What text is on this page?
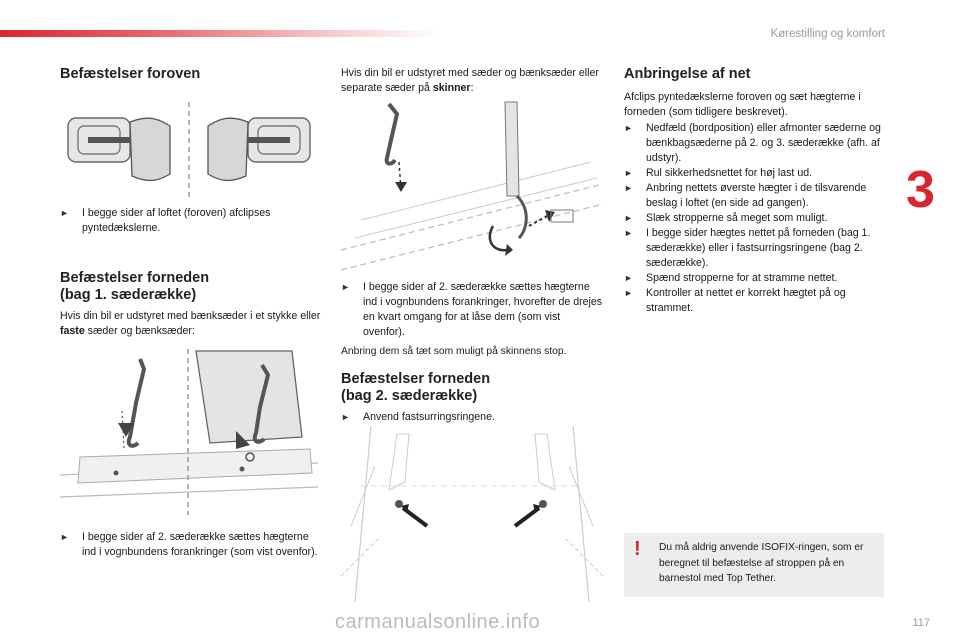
Kørestilling og komfort
3
Befæstelser foroven
►	I begge sider af loftet (foroven) afclipses pyntedækslerne.
Befæstelser forneden
(bag 1. sæderække)

Hvis din bil er udstyret med bænksæder i et stykke eller faste sæder og bænksæder:

►	I begge sider af 2. sæderække sættes hægterne ind i vognbundens forankringer (som vist ovenfor).

Hvis din bil er udstyret med sæder og bænksæder eller separate sæder på skinner:

►	I begge sider af 2. sæderække sættes hægterne ind i vognbundens forankringer, hvorefter de drejes en kvart omgang for at låse dem (som vist ovenfor).

Anbring dem så tæt som muligt på skinnens stop.

Befæstelser forneden
(bag 2. sæderække)
►	Anvend fastsurringsringene.
Anbringelse af net

Afclips pyntedækslerne foroven og sæt hægterne i forneden (som tidligere beskrevet).

► Nedfæld (bordposition) eller afmonter sæderne og bænkbagsæderne på 2. og 3. sæderække (afh. af udstyr).
► Rul sikkerhedsnettet for høj last ud.
► Anbring nettets øverste hægter i de tilsvarende beslag i loftet (en side ad gangen).
► Slæk stropperne så meget som muligt.
► I begge sider hægtes nettet på forneden (bag 1. sæderække) eller i fastsurringsringene (bag 2. sæderække).
► Spænd stropperne for at stramme nettet.
► Kontroller at nettet er korrekt hægtet på og strammet.
! Du må aldrig anvende ISOFIX-ringen, som er beregnet til befæstelse af stroppen på en barnestol med Top Tether.
carmanualsonline.info	117
